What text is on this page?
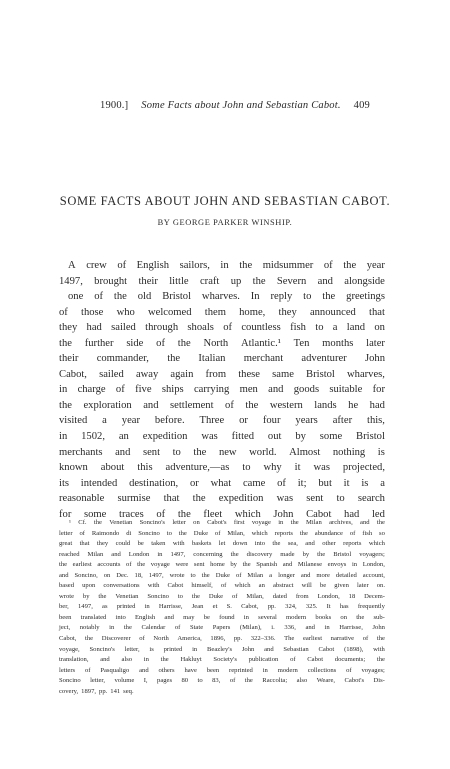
1900.] Some Facts about John and Sebastian Cabot. 409
SOME FACTS ABOUT JOHN AND SEBASTIAN CABOT.
BY GEORGE PARKER WINSHIP.
A crew of English sailors, in the midsummer of the year
1497, brought their little craft up the Severn and alongside
one of the old Bristol wharves. In reply to the greetings
of those who welcomed them home, they announced that
they had sailed through shoals of countless fish to a land on
the further side of the North Atlantic.¹ Ten months later
their commander, the Italian merchant adventurer John
Cabot, sailed away again from these same Bristol wharves,
in charge of five ships carrying men and goods suitable for
the exploration and settlement of the western lands he had
visited a year before. Three or four years after this,
in 1502, an expedition was fitted out by some Bristol
merchants and sent to the new world. Almost nothing is
known about this adventure,—as to why it was projected,
its intended destination, or what came of it; but it is a
reasonable surmise that the expedition was sent to search
for some traces of the fleet which John Cabot had led
¹ Cf. the Venetian Soncino's letter on Cabot's first voyage in the Milan archives, and the
letter of Raimondo di Soncino to the Duke of Milan, which reports the abundance of fish so
great that they could be taken with baskets let down into the sea, and other reports which
reached Milan and London in 1497, concerning the discovery made by the Bristol voyagers;
the earliest accounts of the voyage were sent home by the Spanish and Milanese envoys in London,
and Soncino, on Dec. 18, 1497, wrote to the Duke of Milan a longer and more detailed account,
based upon conversations with Cabot himself, of which an abstract will be given later on.
wrote by the Venetian Soncino to the Duke of Milan, dated from London, 18 Decem-
ber, 1497, as printed in Harrisse, Jean et S. Cabot, pp. 324, 325. It has frequently
been translated into English and may be found in several modern books on the sub-
ject, notably in the Calendar of State Papers (Milan), i. 336, and in Harrisse, John
Cabot, the Discoverer of North America, 1896, pp. 322–336. The earliest narrative of the
voyage, Soncino's letter, is printed in Beazley's John and Sebastian Cabot (1898), with
translation, and also in the Hakluyt Society's publication of Cabot documents; the
letters of Pasqualigo and others have been reprinted in modern collections of voyages;
Soncino letter, volume I, pages 80 to 83, of the Raccolta; also Weare, Cabot's Dis-
covery, 1897, pp. 141 seq.
